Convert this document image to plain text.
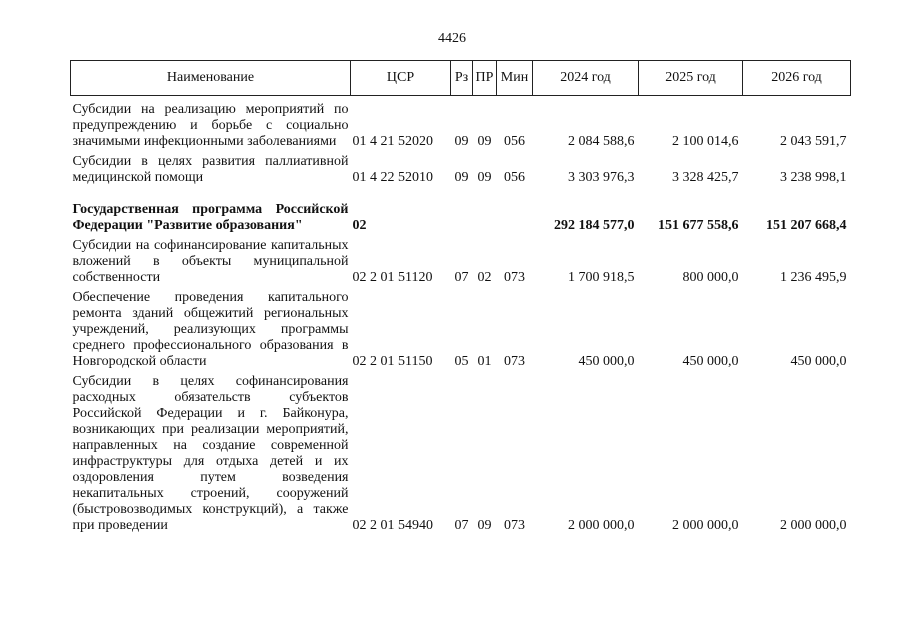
4426
Наименование	ЦСР	Рз	ПР	Мин	2024 год	2025 год	2026 год
Субсидии на реализацию мероприятий по предупреждению и борьбе с социально значимыми инфекционными заболеваниями	01 4 21 52020	09	09	056	2 084 588,6	2 100 014,6	2 043 591,7
Субсидии в целях развития паллиативной медицинской помощи	01 4 22 52010	09	09	056	3 303 976,3	3 328 425,7	3 238 998,1

Государственная программа Российской Федерации "Развитие образования"	02				292 184 577,0	151 677 558,6	151 207 668,4
Субсидии на софинансирование капитальных вложений в объекты муниципальной собственности	02 2 01 51120	07	02	073	1 700 918,5	800 000,0	1 236 495,9
Обеспечение проведения капитального ремонта зданий общежитий региональных учреждений, реализующих программы среднего профессионального образования в Новгородской области	02 2 01 51150	05	01	073	450 000,0	450 000,0	450 000,0
Субсидии в целях софинансирования расходных обязательств субъектов Российской Федерации и г. Байконура, возникающих при реализации мероприятий, направленных на создание современной инфраструктуры для отдыха детей и их оздоровления путем возведения некапитальных строений, сооружений (быстровозводимых конструкций), а также при проведении	02 2 01 54940	07	09	073	2 000 000,0	2 000 000,0	2 000 000,0
